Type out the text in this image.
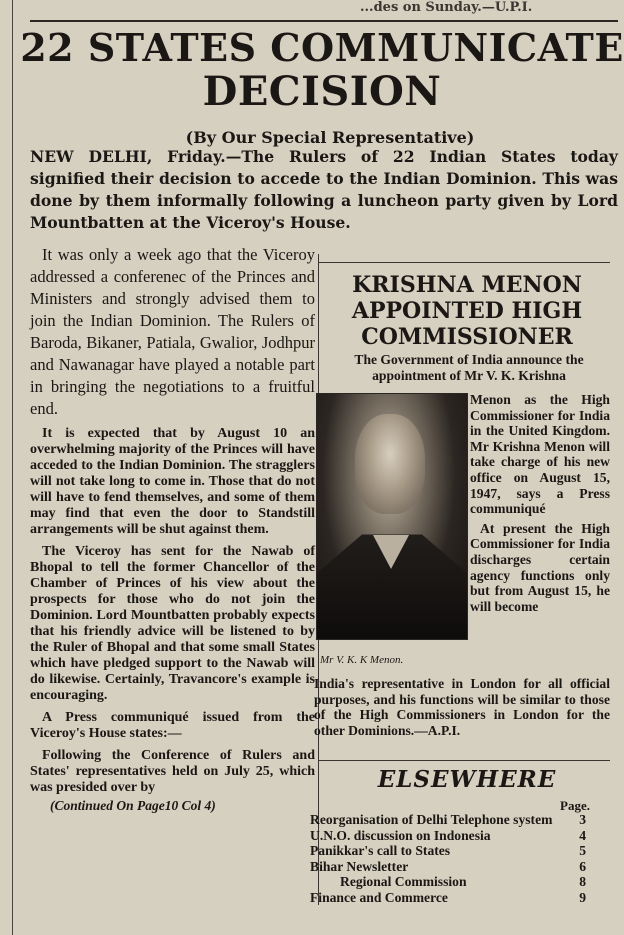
...des on Sunday.—U.P.I.
22 STATES COMMUNICATE
DECISION
(By Our Special Representative)
NEW DELHI, Friday.—The Rulers of 22 Indian States today signified their decision to accede to the Indian Dominion. This was done by them informally following a luncheon party given by Lord Mountbatten at the Viceroy's House.

It was only a week ago that the Viceroy addressed a conferenec of the Princes and Ministers and strongly advised them to join the Indian Dominion. The Rulers of Baroda, Bikaner, Patiala, Gwalior, Jodhpur and Nawanagar have played a notable part in bringing the negotiations to a fruitful end.

It is expected that by August 10 an overwhelming majority of the Princes will have acceded to the Indian Dominion. The stragglers will not take long to come in. Those that do not will have to fend themselves, and some of them may find that even the door to Standstill arrangements will be shut against them.

The Viceroy has sent for the Nawab of Bhopal to tell the former Chancellor of the Chamber of Princes of his view about the prospects for those who do not join the Dominion. Lord Mountbatten probably expects that his friendly advice will be listened to by the Ruler of Bhopal and that some small States which have pledged support to the Nawab will do likewise. Certainly, Travancore's example is encouraging.

A Press communiqué issued from the Viceroy's House states:—

Following the Conference of Rulers and States' representatives held on July 25, which was presided over by

(Continued On Page10 Col 4)
KRISHNA MENON APPOINTED HIGH COMMISSIONER
The Government of India announce the appointment of Mr V. K. Krishna
Mr V. K. K Menon.

Menon as the High Commissioner for India in the United Kingdom. Mr Krishna Menon will take charge of his new office on August 15, 1947, says a Press communiqué

At present the High Commissioner for India discharges certain agency functions only but from August 15, he will become

India's representative in London for all official purposes, and his functions will be similar to those of the High Commissioners in London for the other Dominions.—A.P.I.
ELSEWHERE
Page.
Reorganisation of Delhi Telephone system	3
U.N.O. discussion on Indonesia	4
Panikkar's call to States	5
Bihar Newsletter	6
Regional Commission	8
Finance and Commerce	9
